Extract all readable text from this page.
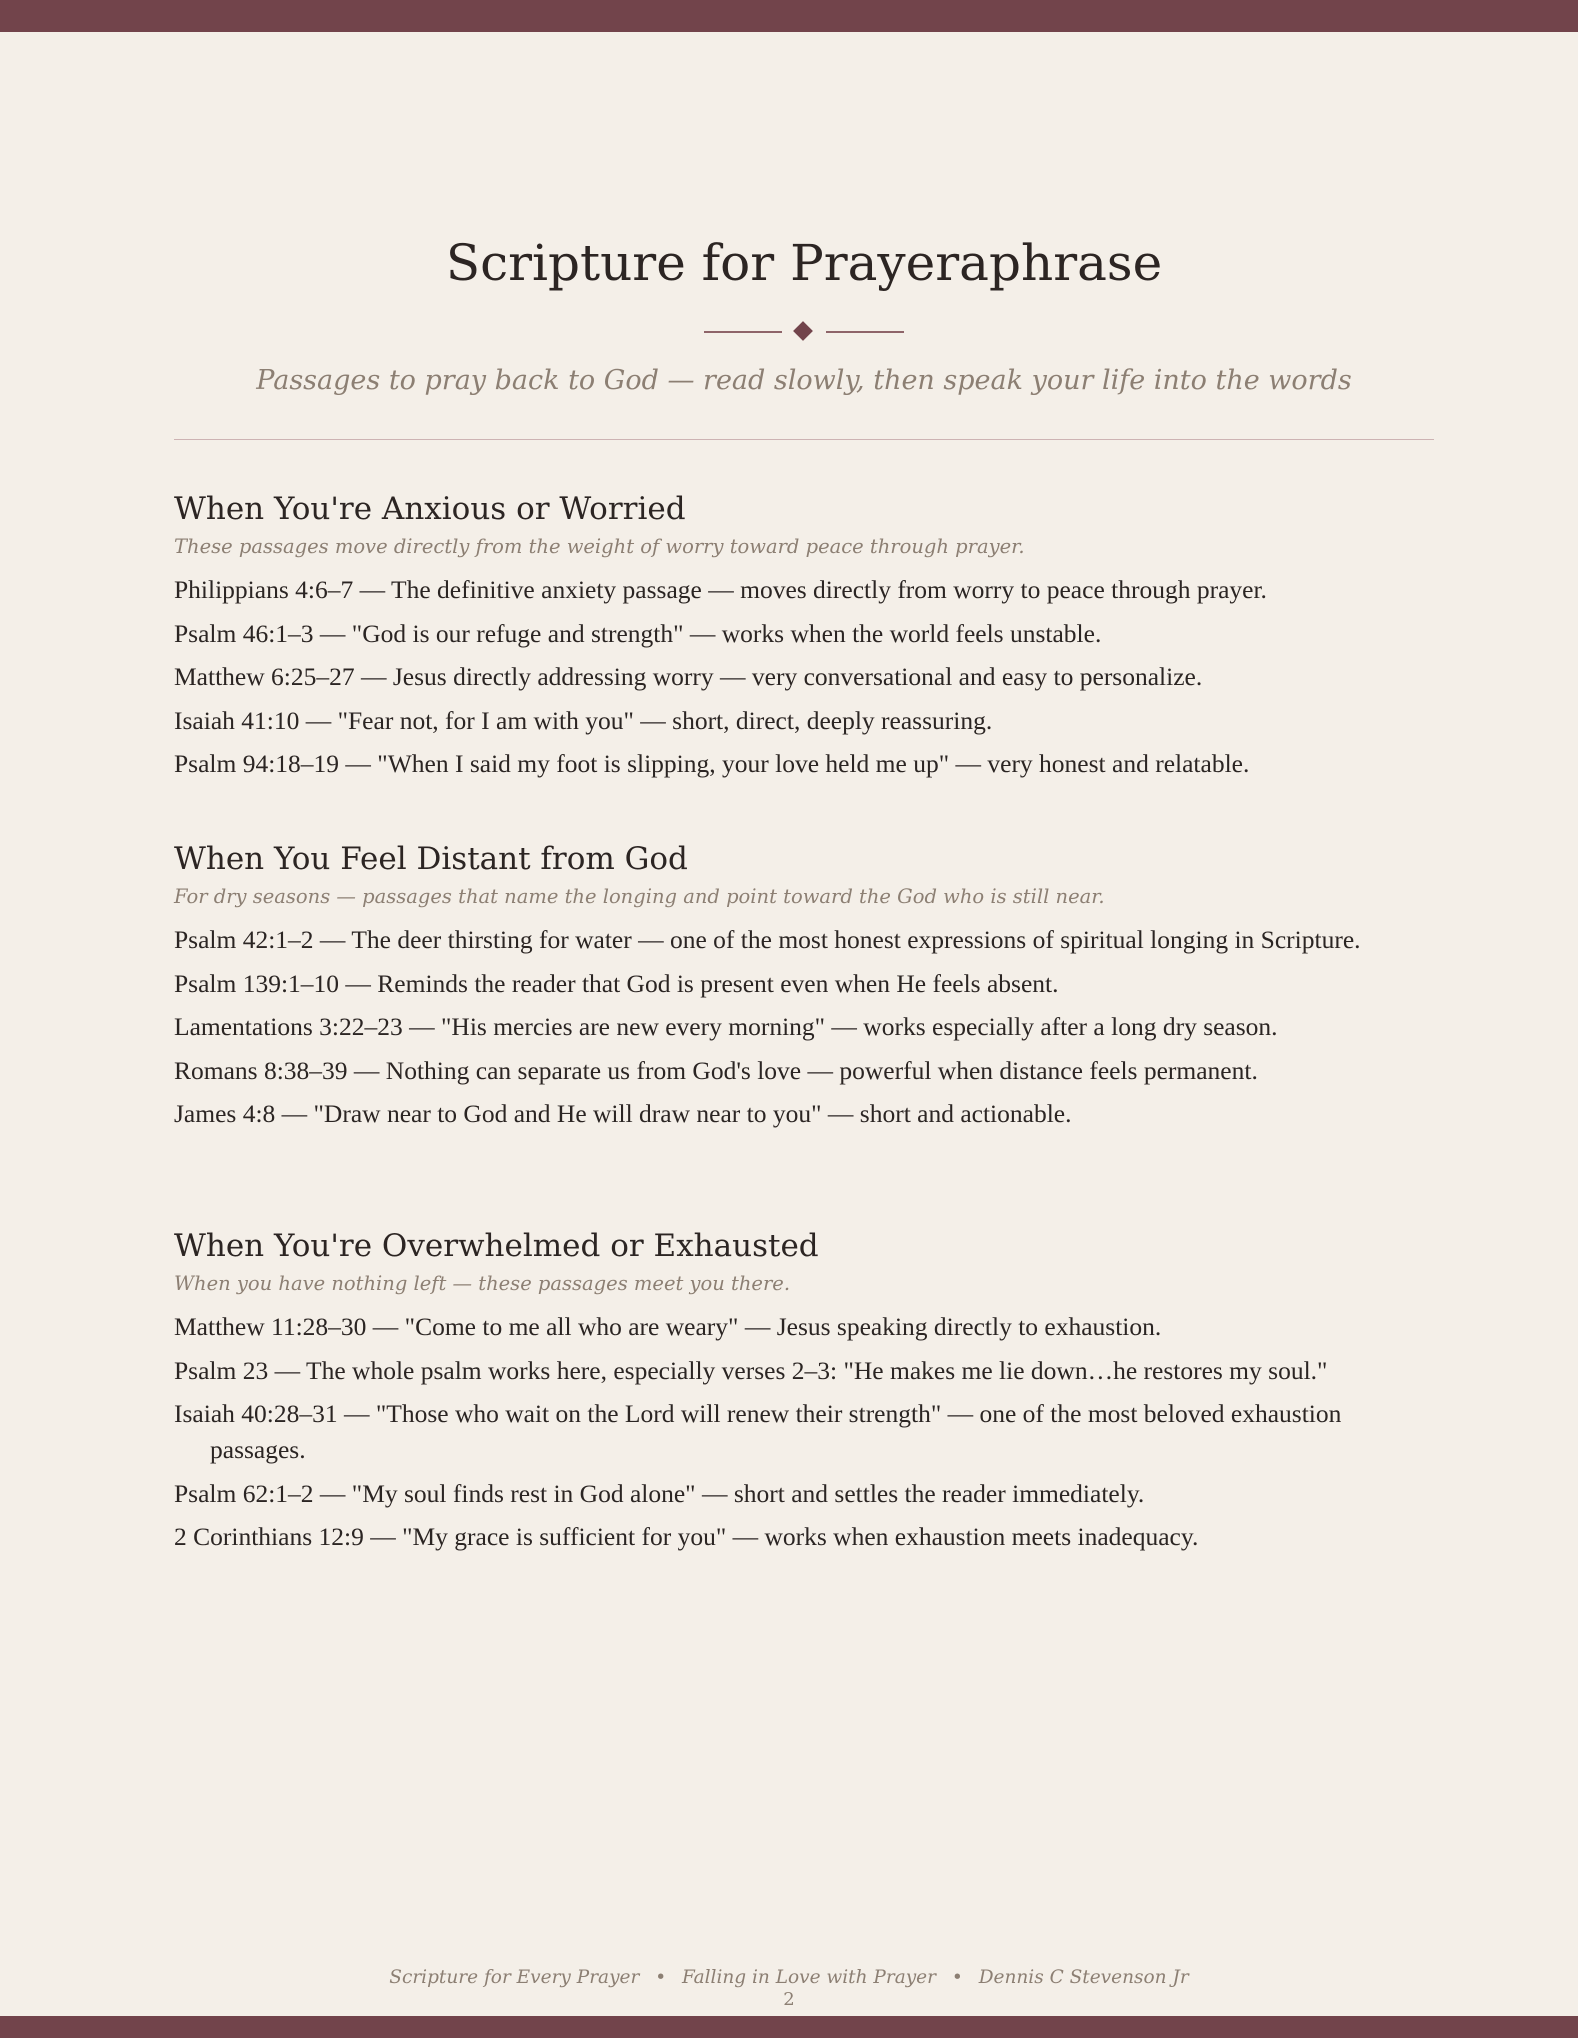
Scripture for Prayeraphrase
Passages to pray back to God — read slowly, then speak your life into the words
When You're Anxious or Worried
These passages move directly from the weight of worry toward peace through prayer.
Philippians 4:6–7 — The definitive anxiety passage — moves directly from worry to peace through prayer.
Psalm 46:1–3 — "God is our refuge and strength" — works when the world feels unstable.
Matthew 6:25–27 — Jesus directly addressing worry — very conversational and easy to personalize.
Isaiah 41:10 — "Fear not, for I am with you" — short, direct, deeply reassuring.
Psalm 94:18–19 — "When I said my foot is slipping, your love held me up" — very honest and relatable.
When You Feel Distant from God
For dry seasons — passages that name the longing and point toward the God who is still near.
Psalm 42:1–2 — The deer thirsting for water — one of the most honest expressions of spiritual longing in Scripture.
Psalm 139:1–10 — Reminds the reader that God is present even when He feels absent.
Lamentations 3:22–23 — "His mercies are new every morning" — works especially after a long dry season.
Romans 8:38–39 — Nothing can separate us from God's love — powerful when distance feels permanent.
James 4:8 — "Draw near to God and He will draw near to you" — short and actionable.
When You're Overwhelmed or Exhausted
When you have nothing left — these passages meet you there.
Matthew 11:28–30 — "Come to me all who are weary" — Jesus speaking directly to exhaustion.
Psalm 23 — The whole psalm works here, especially verses 2–3: "He makes me lie down…he restores my soul."
Isaiah 40:28–31 — "Those who wait on the Lord will renew their strength" — one of the most beloved exhaustion passages.
Psalm 62:1–2 — "My soul finds rest in God alone" — short and settles the reader immediately.
2 Corinthians 12:9 — "My grace is sufficient for you" — works when exhaustion meets inadequacy.
Scripture for Every Prayer • Falling in Love with Prayer • Dennis C Stevenson Jr
2
